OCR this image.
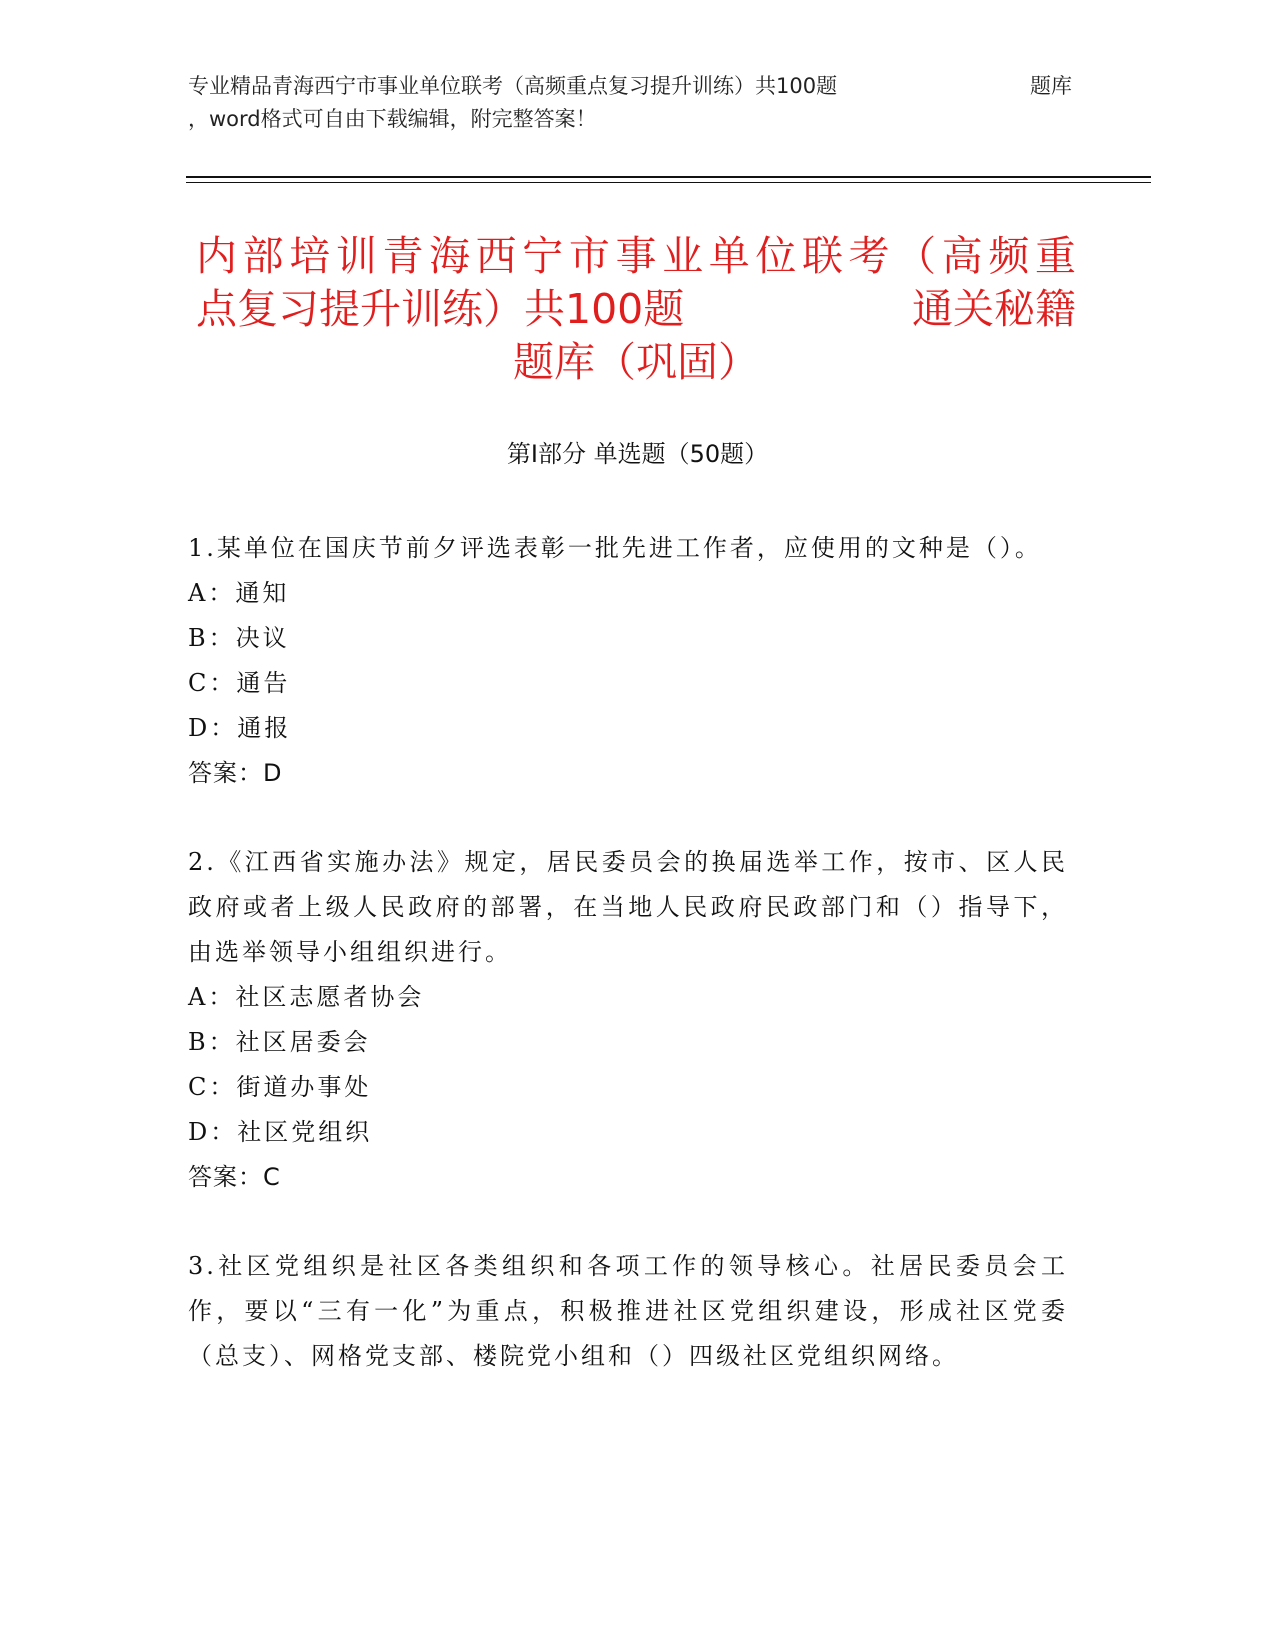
专业精品青海西宁市事业单位联考（高频重点复习提升训练）共100题	题库
，word格式可自由下载编辑，附完整答案！
内部培训青海西宁市事业单位联考（高频重
点复习提升训练）共100题	通关秘籍
题库（巩固）
第Ⅰ部分 单选题（50题）
1.某单位在国庆节前夕评选表彰一批先进工作者，应使用的文种是（）。
A：通知
B：决议
C：通告
D：通报
答案：D
2.《江西省实施办法》规定，居民委员会的换届选举工作，按市、区人民政府或者上级人民政府的部署，在当地人民政府民政部门和（）指导下，由选举领导小组组织进行。
A：社区志愿者协会
B：社区居委会
C：街道办事处
D：社区党组织
答案：C
3.社区党组织是社区各类组织和各项工作的领导核心。社居民委员会工作，要以“三有一化”为重点，积极推进社区党组织建设，形成社区党委（总支）、网格党支部、楼院党小组和（）四级社区党组织网络。
